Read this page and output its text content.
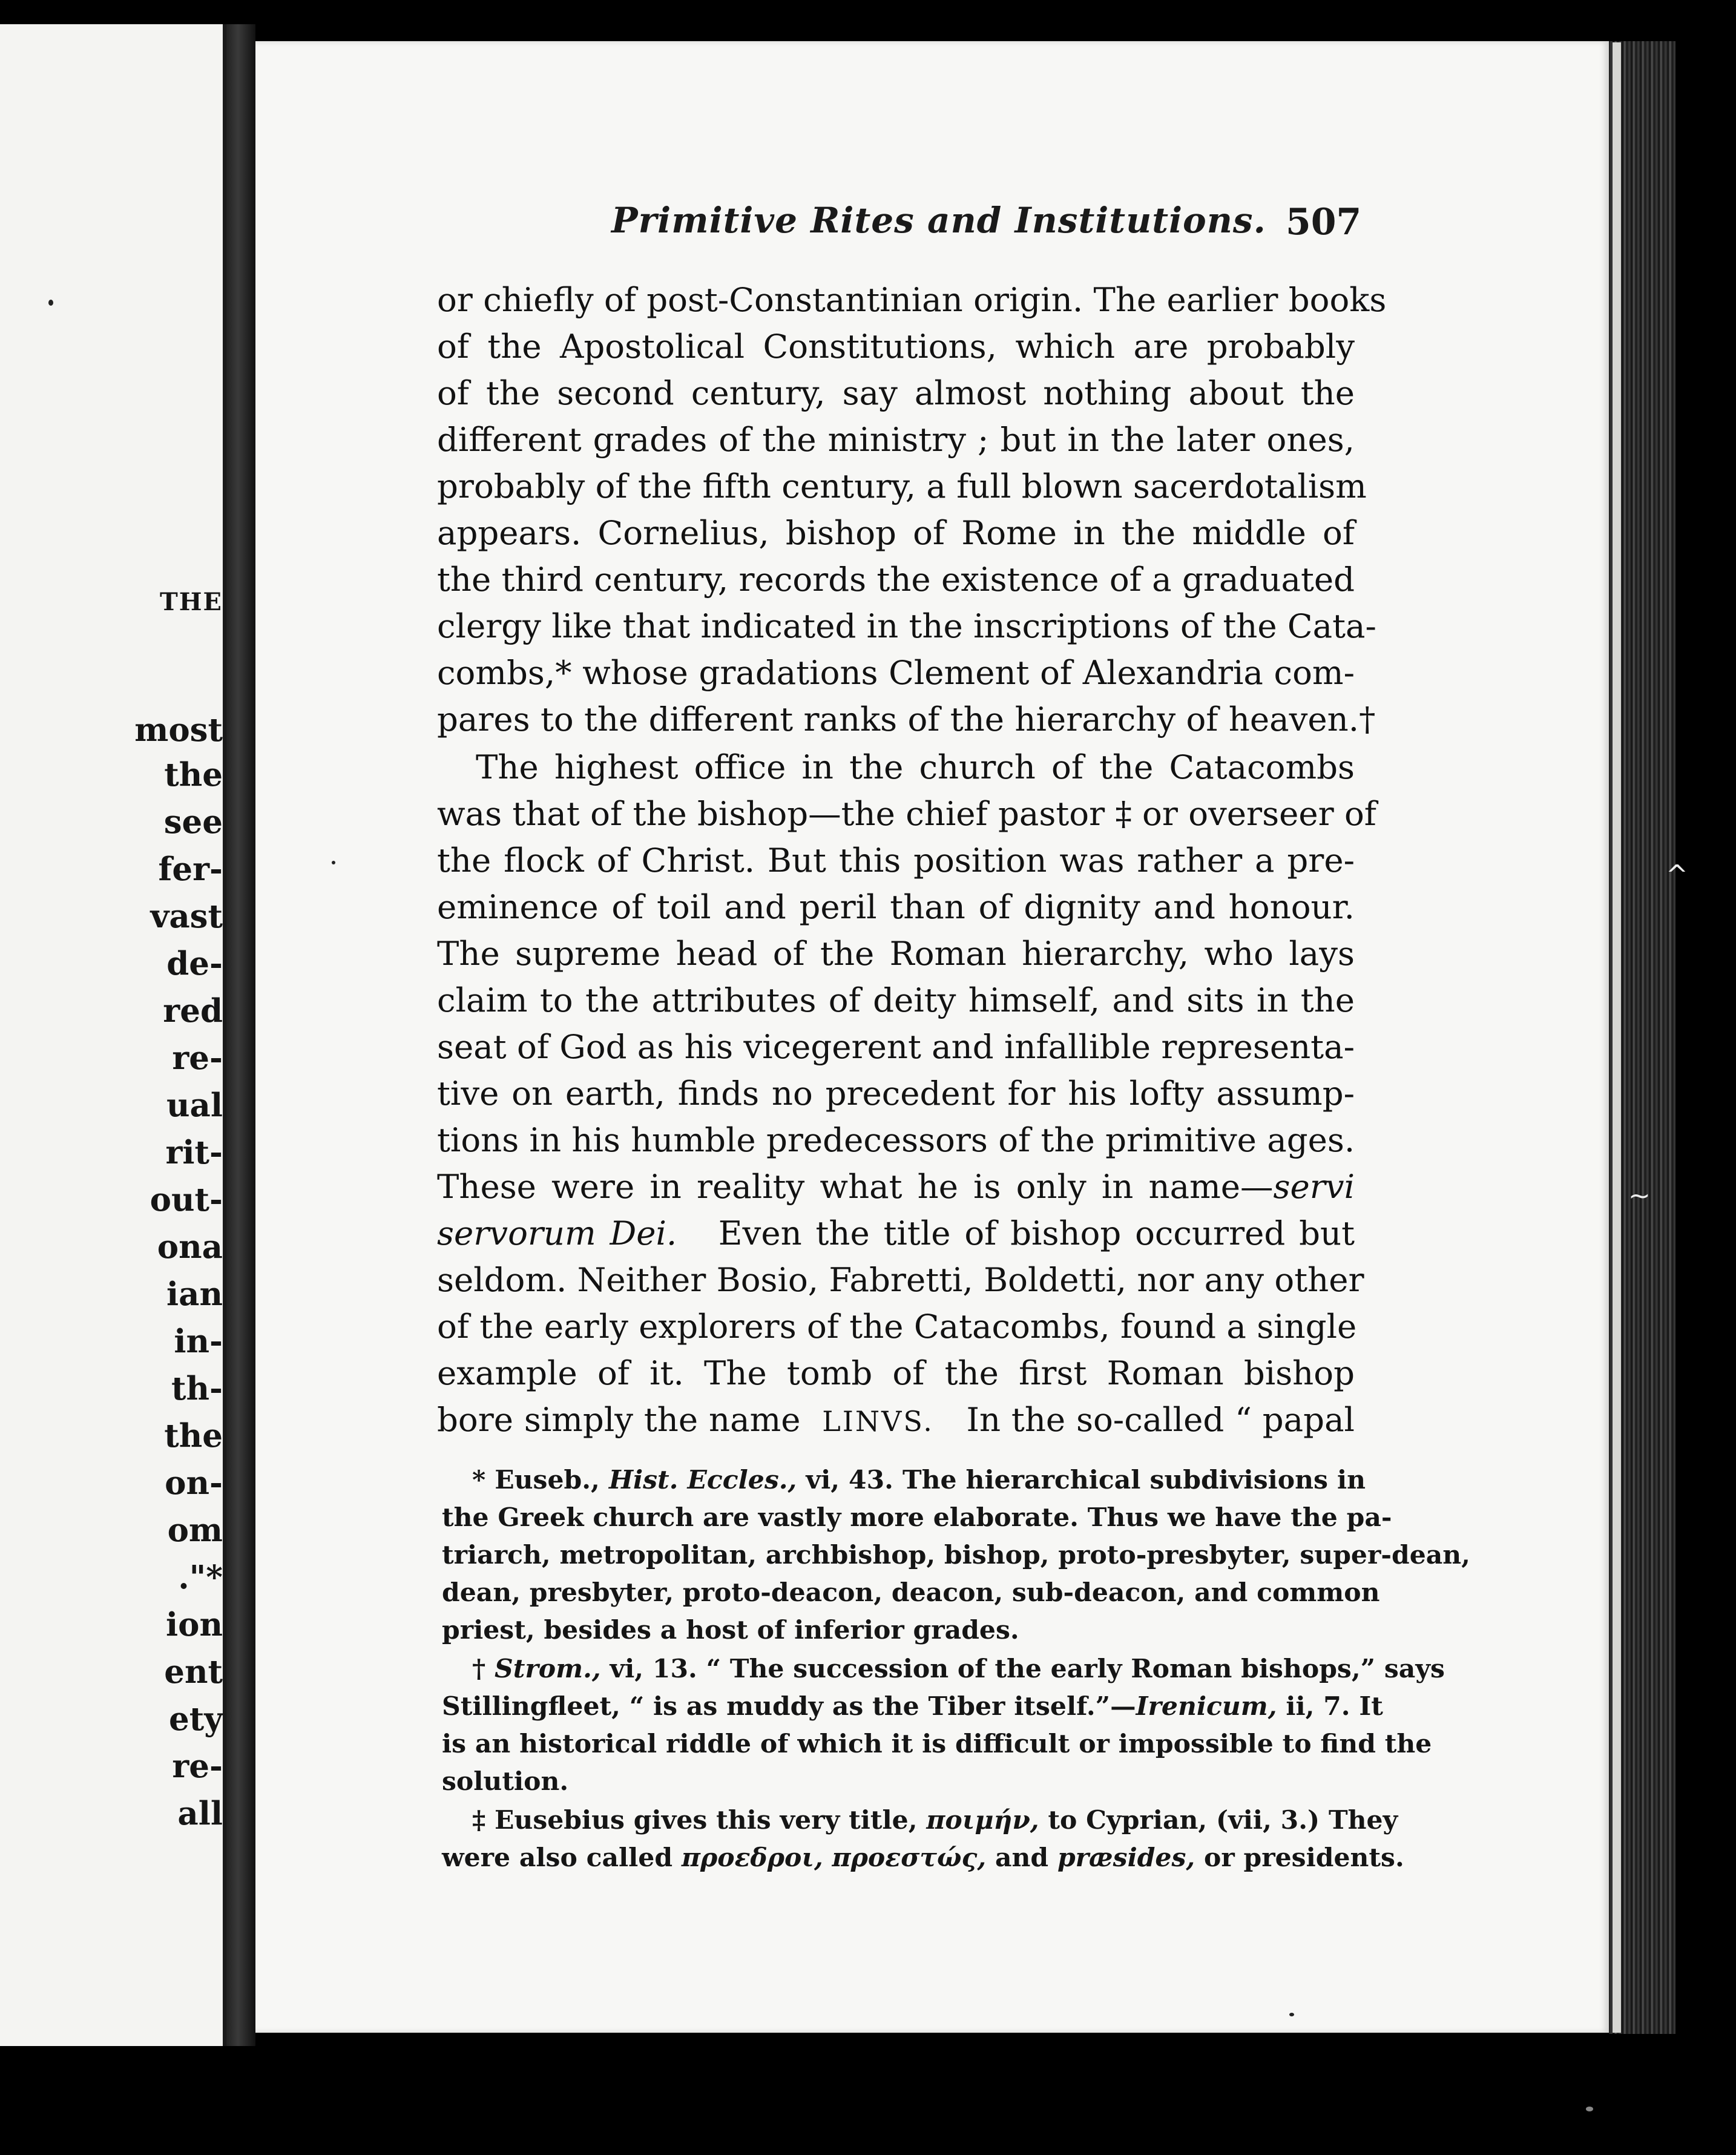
THE
most
the
see
fer-
vast
de-
red
re-
ual
rit-
out-
ona
ian
in-
th-
the
on-
om
."*
ion
ent
ety
re-
all
^
~
Primitive Rites and Institutions. 507
or chiefly of post-Constantinian origin. The earlier books
of the Apostolical Constitutions, which are probably
of the second century, say almost nothing about the
different grades of the ministry ; but in the later ones,
probably of the fifth century, a full blown sacerdotalism
appears. Cornelius, bishop of Rome in the middle of
the third century, records the existence of a graduated
clergy like that indicated in the inscriptions of the Cata-
combs,* whose gradations Clement of Alexandria com-
pares to the different ranks of the hierarchy of heaven.†
The highest office in the church of the Catacombs
was that of the bishop—the chief pastor ‡ or overseer of
the flock of Christ. But this position was rather a pre-
eminence of toil and peril than of dignity and honour.
The supreme head of the Roman hierarchy, who lays
claim to the attributes of deity himself, and sits in the
seat of God as his vicegerent and infallible representa-
tive on earth, finds no precedent for his lofty assump-
tions in his humble predecessors of the primitive ages.
These were in reality what he is only in name—servi
servorum Dei. Even the title of bishop occurred but
seldom. Neither Bosio, Fabretti, Boldetti, nor any other
of the early explorers of the Catacombs, found a single
example of it. The tomb of the first Roman bishop
bore simply the name LINVS. In the so-called “ papal
* Euseb., Hist. Eccles., vi, 43. The hierarchical subdivisions in
the Greek church are vastly more elaborate. Thus we have the pa-
triarch, metropolitan, archbishop, bishop, proto-presbyter, super-dean,
dean, presbyter, proto-deacon, deacon, sub-deacon, and common
priest, besides a host of inferior grades.
† Strom., vi, 13. “ The succession of the early Roman bishops,” says
Stillingfleet, “ is as muddy as the Tiber itself.”—Irenicum, ii, 7. It
is an historical riddle of which it is difficult or impossible to find the
solution.
‡ Eusebius gives this very title, ποιμήν, to Cyprian, (vii, 3.) They
were also called προεδροι, προεστώς, and præsides, or presidents.
